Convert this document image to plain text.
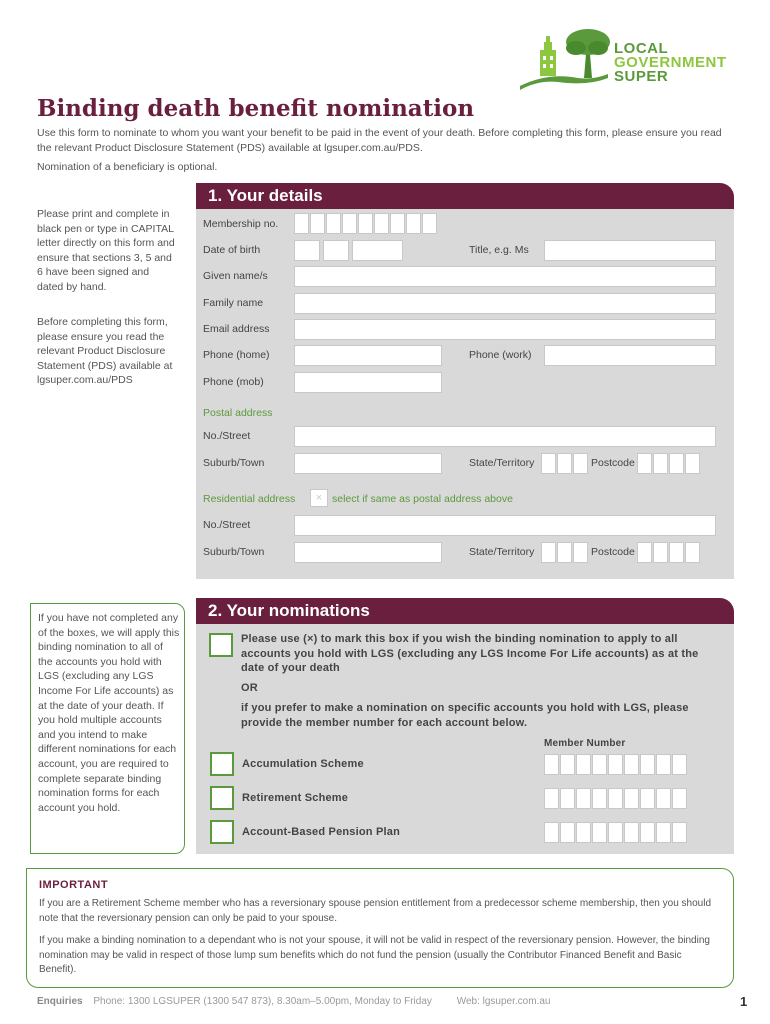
LOCAL
GOVERNMENT
SUPER
Binding death benefit nomination

Use this form to nominate to whom you want your benefit to be paid in the event of your death. Before completing this form, please ensure you read the relevant Product Disclosure Statement (PDS) available at lgsuper.com.au/PDS.

Nomination of a beneficiary is optional.

Please print and complete in black pen or type in CAPITAL letter directly on this form and ensure that sections 3, 5 and 6 have been signed and dated by hand.
Before completing this form, please ensure you read the relevant Product Disclosure Statement (PDS) available at lgsuper.com.au/PDS
1. Your details
Membership no.
Date of birth	Title, e.g. Ms
Given name/s
Family name
Email address
Phone (home)	Phone (work)
Phone (mob)
Postal address
No./Street
Suburb/Town	State/Territory	Postcode
Residential address	× select if same as postal address above
No./Street
Suburb/Town	State/Territory	Postcode
If you have not completed any of the boxes, we will apply this binding nomination to all of the accounts you hold with LGS (excluding any LGS Income For Life accounts) as at the date of your death. If you hold multiple accounts and you intend to make different nominations for each account, you are required to complete separate binding nomination forms for each account you hold.
2. Your nominations
Please use (×) to mark this box if you wish the binding nomination to apply to all accounts you hold with LGS (excluding any LGS Income For Life accounts) as at the date of your death
OR
if you prefer to make a nomination on specific accounts you hold with LGS, please provide the member number for each account below.
Member Number
Accumulation Scheme
Retirement Scheme
Account-Based Pension Plan
IMPORTANT

If you are a Retirement Scheme member who has a reversionary spouse pension entitlement from a predecessor scheme membership, then you should note that the reversionary pension can only be paid to your spouse.

If you make a binding nomination to a dependant who is not your spouse, it will not be valid in respect of the reversionary pension. However, the binding nomination may be valid in respect of those lump sum benefits which do not fund the pension (usually the Contributor Financed Benefit and Basic Benefit).

Enquiries Phone: 1300 LGSUPER (1300 547 873), 8.30am–5.00pm, Monday to Friday Web: lgsuper.com.au	1
